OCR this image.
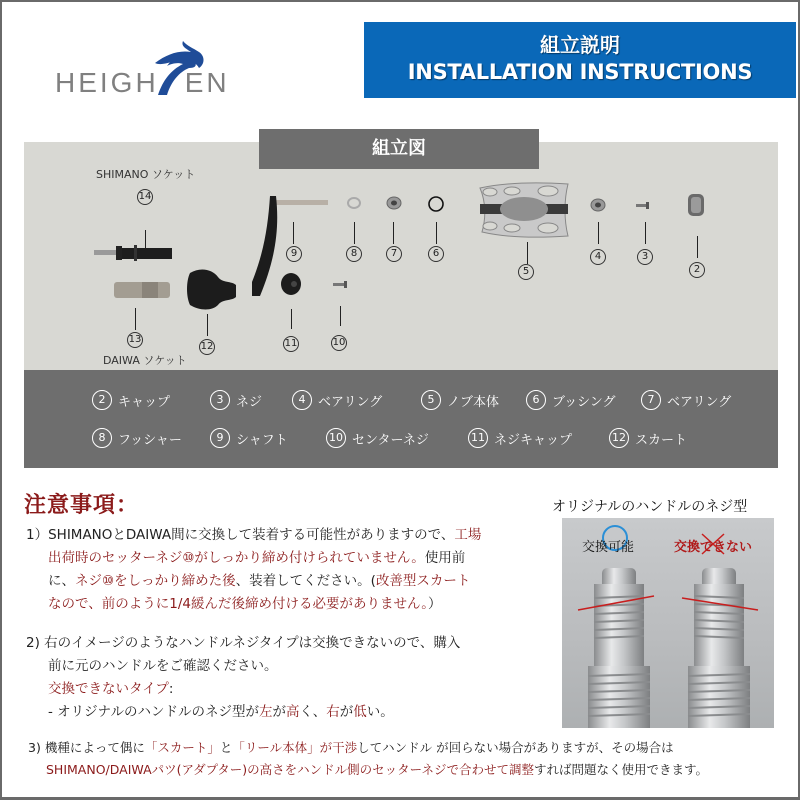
HEIGH EN
組立説明
INSTALLATION INSTRUCTIONS
SHIMANO ソケット
14
13
DAIWA ソケット
12
9
11	10
8	7	6
5
4	3
2
組立図
2 キャップ	3 ネジ	4 ベアリング	5 ノブ本体	6 ブッシング	7 ベアリング
8 フッシャー	9 シャフト	10 センターネジ	11 ネジキャップ	12 スカート
注意事項：
1）SHIMANOとDAIWA間に交換して装着する可能性がありますので、工場
出荷時のセッターネジ⑩がしっかり締め付けられていません。使用前
に、ネジ⑩をしっかり締めた後、装着してください。(改善型スカート
なので、前のように1/4緩んだ後締め付ける必要がありません。）
2) 右のイメージのようなハンドルネジタイプは交換できないので、購入
前に元のハンドルをご確認ください。
交換できないタイプ:
- オリジナルのハンドルのネジ型が左が高く、右が低い。
オリジナルのハンドルのネジ型
交換可能	交換できない
3) 機種によって偶に「スカート」と「リール本体」が干渉してハンドル が回らない場合がありますが、その場合は
SHIMANO/DAIWAパツ(アダプター)の高さをハンドル側のセッターネジで合わせて調整すれば問題なく使用できます。
